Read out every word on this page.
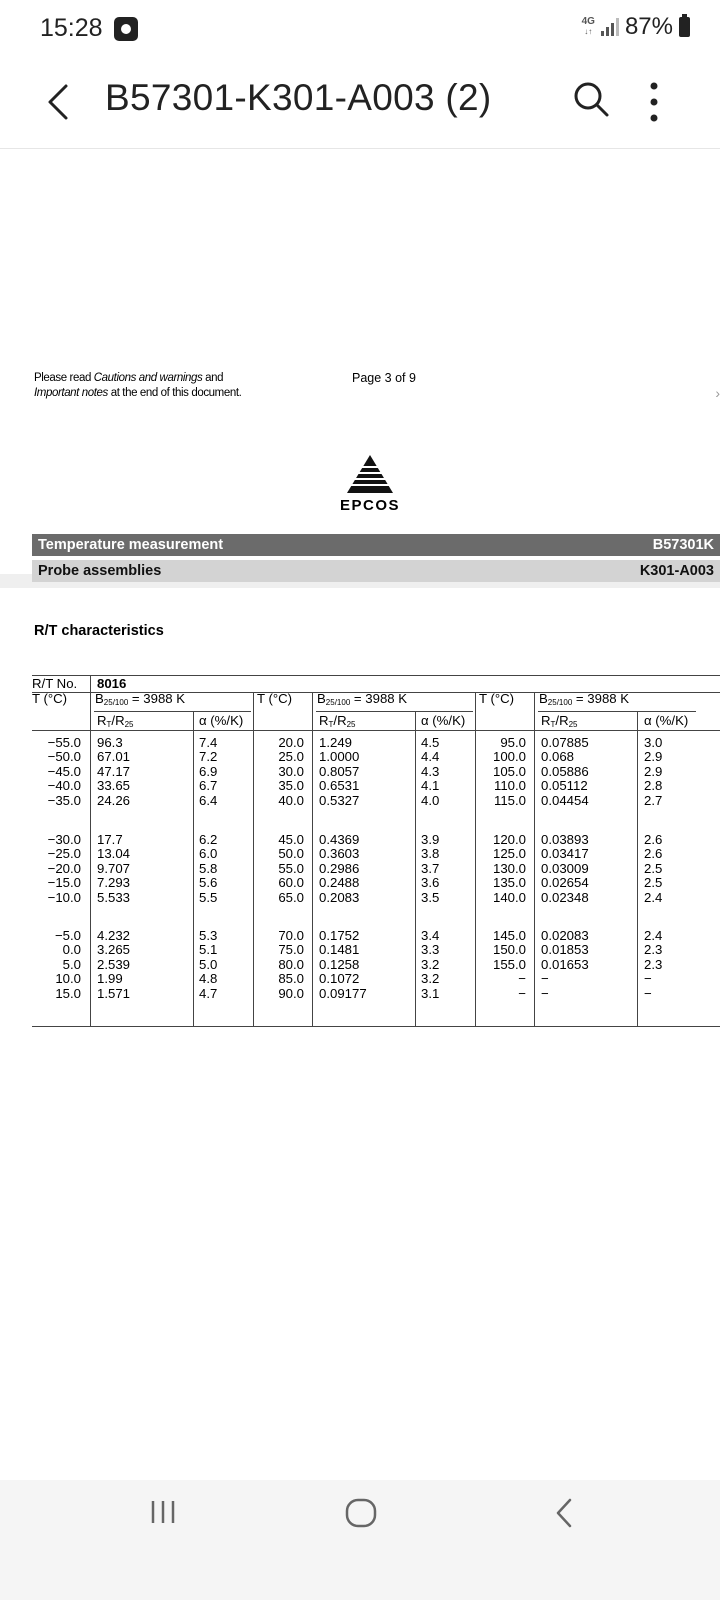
15:28	4G
↓↑ 87%
B57301-K301-A003 (2)
Please read Cautions and warnings and
Important notes at the end of this document.
Page 3 of 9
›
EPCOS
Temperature measurement	B57301K
Probe assemblies	K301-A003
R/T characteristics
R/T No. 8016
T (°C) $B_{25/100} = 3988$ K
$R_T/R_{25}$	α (%/K)
T (°C) $B_{25/100} = 3988$ K
$R_T/R_{25}$	α (%/K)
T (°C) $B_{25/100} = 3988$ K
$R_T/R_{25}$	α (%/K)
−55.0 96.3	7.4
−50.0 67.01	7.2
−45.0 47.17	6.9
−40.0 33.65	6.7
−35.0 24.26	6.4
20.0 1.249	4.5
25.0 1.0000	4.4
30.0 0.8057	4.3
35.0 0.6531	4.1
40.0 0.5327	4.0
95.0 0.07885	3.0
100.0 0.068	2.9
105.0 0.05886	2.9
110.0 0.05112	2.8
115.0 0.04454	2.7
−30.0 17.7	6.2
−25.0 13.04	6.0
−20.0 9.707	5.8
−15.0 7.293	5.6
−10.0 5.533	5.5
45.0 0.4369	3.9
50.0 0.3603	3.8
55.0 0.2986	3.7
60.0 0.2488	3.6
65.0 0.2083	3.5
120.0 0.03893	2.6
125.0 0.03417	2.6
130.0 0.03009	2.5
135.0 0.02654	2.5
140.0 0.02348	2.4
−5.0 4.232	5.3
0.0 3.265	5.1
5.0 2.539	5.0
10.0 1.99	4.8
15.0 1.571	4.7
70.0 0.1752	3.4
75.0 0.1481	3.3
80.0 0.1258	3.2
85.0 0.1072	3.2
90.0 0.09177	3.1
145.0 0.02083	2.4
150.0 0.01853	2.3
155.0 0.01653	2.3
− −	−
− −	−
